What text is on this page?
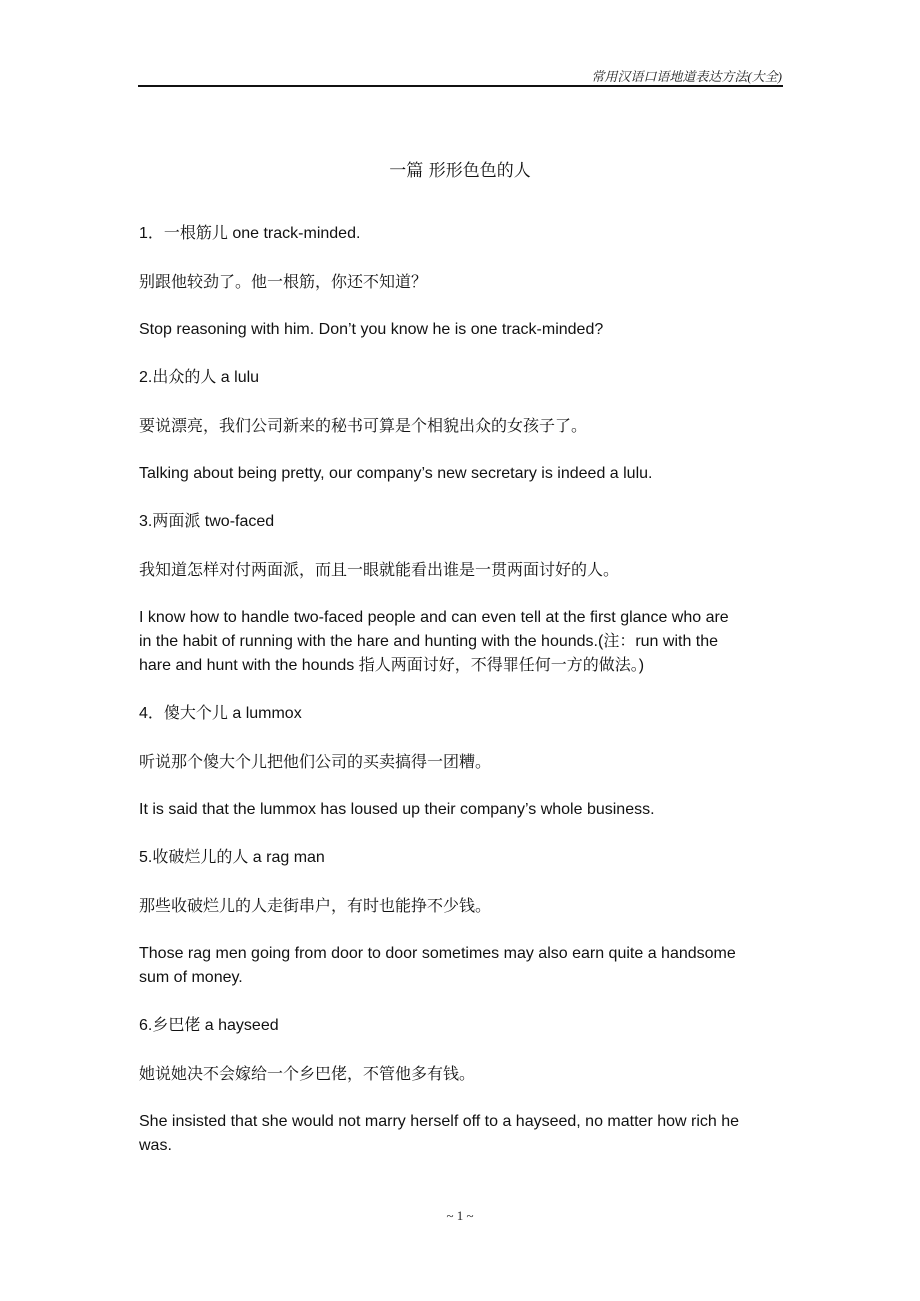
常用汉语口语地道表达方法(大全)
一篇 形形色色的人

1．一根筋儿 one track-minded.

别跟他较劲了。他一根筋，你还不知道？

Stop reasoning with him. Don’t you know he is one track-minded?

2.出众的人 a lulu

要说漂亮，我们公司新来的秘书可算是个相貌出众的女孩子了。

Talking about being pretty, our company’s new secretary is indeed a lulu.

3.两面派 two-faced

我知道怎样对付两面派，而且一眼就能看出谁是一贯两面讨好的人。

I know how to handle two-faced people and can even tell at the first glance who are

in the habit of running with the hare and hunting with the hounds.(注：run with the

hare and hunt with the hounds 指人两面讨好，不得罪任何一方的做法。)

4．傻大个儿 a lummox

听说那个傻大个儿把他们公司的买卖搞得一团糟。

It is said that the lummox has loused up their company’s whole business.

5.收破烂儿的人 a rag man

那些收破烂儿的人走街串户，有时也能挣不少钱。

Those rag men going from door to door sometimes may also earn quite a handsome

sum of money.

6.乡巴佬 a hayseed

她说她决不会嫁给一个乡巴佬，不管他多有钱。

She insisted that she would not marry herself off to a hayseed, no matter how rich he

was.

~ 1 ~
